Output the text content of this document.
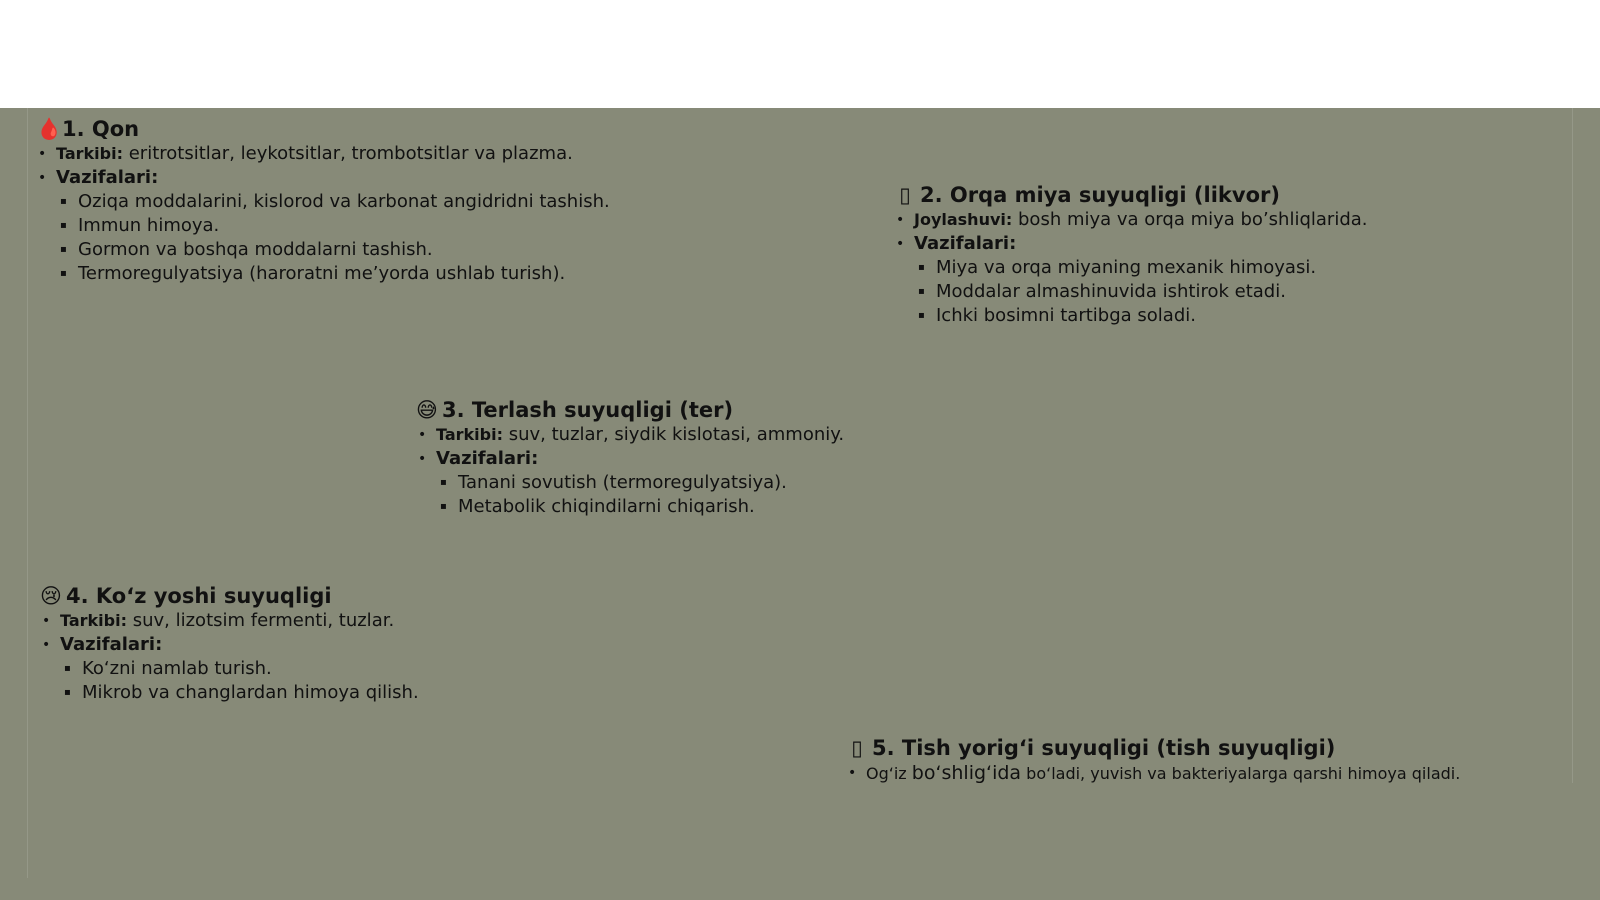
🩸1. Qon
• Tarkibi: eritrotsitlar, leykotsitlar, trombotsitlar va plazma.
• Vazifalari:
▪ Oziqa moddalarini, kislorod va karbonat angidridni tashish.
▪ Immun himoya.
▪ Gormon va boshqa moddalarni tashish.
▪ Termoregulyatsiya (haroratni me’yorda ushlab turish).
▯ 2. Orqa miya suyuqligi (likvor)
• Joylashuvi: bosh miya va orqa miya bo’shliqlarida.
• Vazifalari:
▪ Miya va orqa miyaning mexanik himoyasi.
▪ Moddalar almashinuvida ishtirok etadi.
▪ Ichki bosimni tartibga soladi.
😅 3. Terlash suyuqligi (ter)
• Tarkibi: suv, tuzlar, siydik kislotasi, ammoniy.
• Vazifalari:
▪ Tanani sovutish (termoregulyatsiya).
▪ Metabolik chiqindilarni chiqarish.
😢 4. Ko‘z yoshi suyuqligi
• Tarkibi: suv, lizotsim fermenti, tuzlar.
• Vazifalari:
▪ Ko‘zni namlab turish.
▪ Mikrob va changlardan himoya qilish.
▯ 5. Tish yorig‘i suyuqligi (tish suyuqligi)
• Og‘iz bo‘shlig‘ida bo‘ladi, yuvish va bakteriyalarga qarshi himoya qiladi.
